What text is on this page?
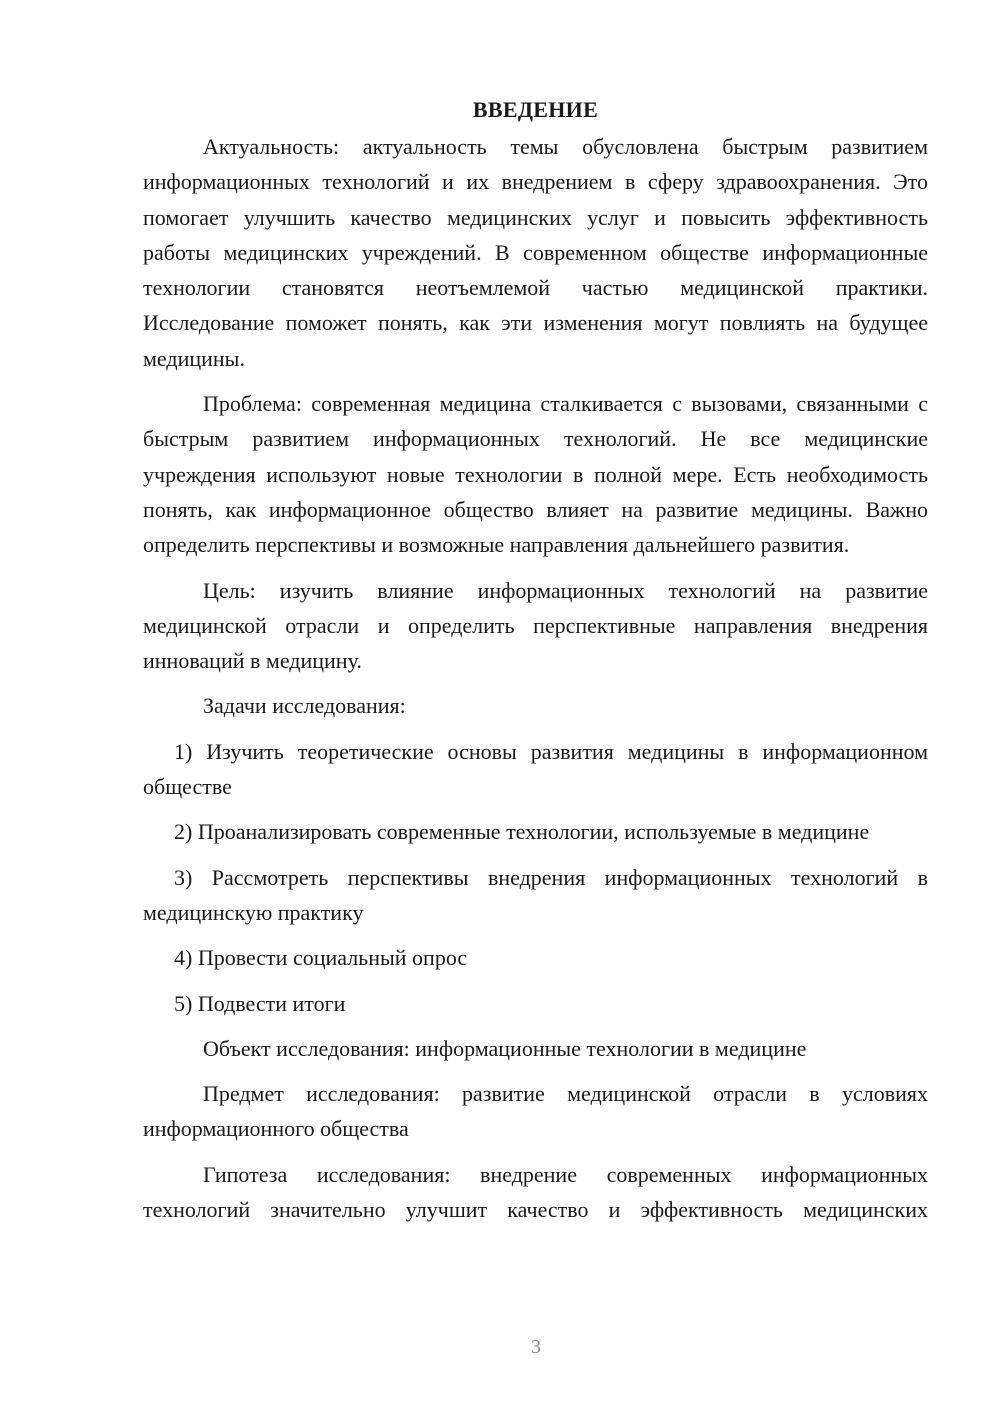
ВВЕДЕНИЕ

Актуальность: актуальность темы обусловлена быстрым развитием информационных технологий и их внедрением в сферу здравоохранения. Это помогает улучшить качество медицинских услуг и повысить эффективность работы медицинских учреждений. В современном обществе информационные технологии становятся неотъемлемой частью медицинской практики. Исследование поможет понять, как эти изменения могут повлиять на будущее медицины.

Проблема: современная медицина сталкивается с вызовами, связанными с быстрым развитием информационных технологий. Не все медицинские учреждения используют новые технологии в полной мере. Есть необходимость понять, как информационное общество влияет на развитие медицины. Важно определить перспективы и возможные направления дальнейшего развития.

Цель: изучить влияние информационных технологий на развитие медицинской отрасли и определить перспективные направления внедрения инноваций в медицину.

Задачи исследования:

1) Изучить теоретические основы развития медицины в информационном обществе

2) Проанализировать современные технологии, используемые в медицине

3) Рассмотреть перспективы внедрения информационных технологий в медицинскую практику

4) Провести социальный опрос

5) Подвести итоги

Объект исследования: информационные технологии в медицине

Предмет исследования: развитие медицинской отрасли в условиях информационного общества

Гипотеза исследования: внедрение современных информационных технологий значительно улучшит качество и эффективность медицинских

3
